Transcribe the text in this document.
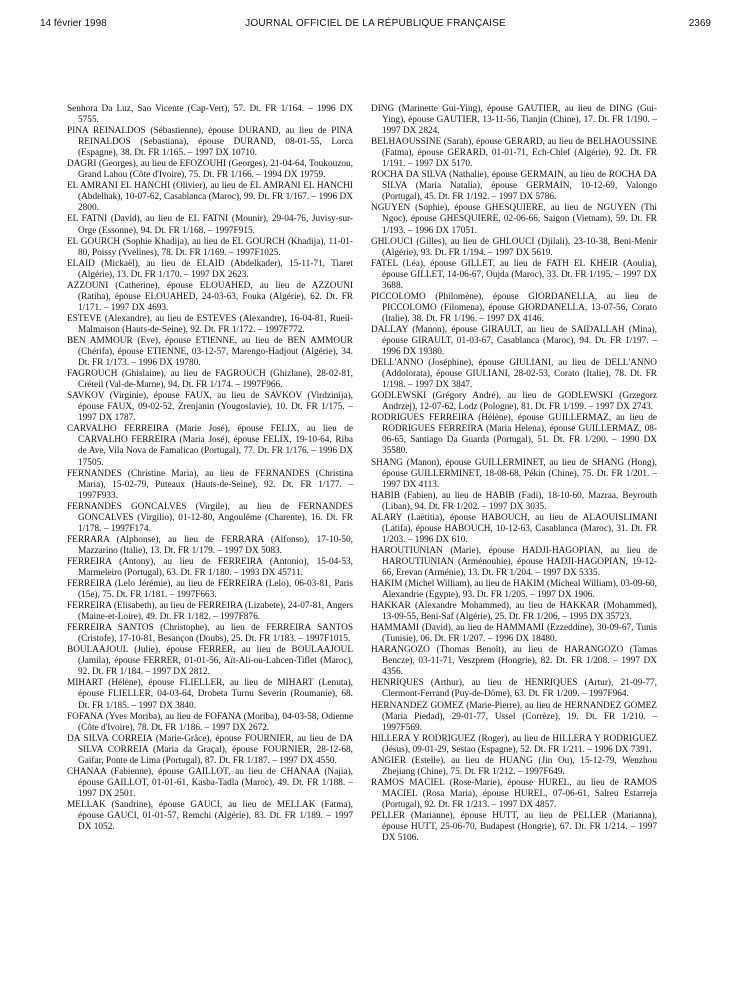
14 février 1998	JOURNAL OFFICIEL DE LA RÉPUBLIQUE FRANÇAISE	2369

Senhora Da Luz, Sao Vicente (Cap-Vert), 57. Dt. FR 1/164. – 1996 DX 5755.

PINA REINALDOS (Sébastienne), épouse DURAND, au lieu de PINA REINALDOS (Sebastiana), épouse DURAND, 08-01-55, Lorca (Espagne), 38. Dt. FR 1/165. – 1997 DX 10710.

DAGRI (Georges), au lieu de EFOZOUHI (Georges), 21-04-64, Toukouzou, Grand Lahou (Côte d'Ivoire), 75. Dt. FR 1/166. – 1994 DX 19759.

EL AMRANI EL HANCHI (Olivier), au lieu de EL AMRANI EL HANCHI (Abdelhak), 10-07-62, Casablanca (Maroc), 99. Dt. FR 1/167. – 1996 DX 2800.

EL FATNI (David), au lieu de EL FATNI (Mounir), 29-04-76, Juvisy-sur-Orge (Essonne), 94. Dt. FR 1/168. – 1997F915.

EL GOURCH (Sophie Khadija), au lieu de EL GOURCH (Khadija), 11-01-80, Poissy (Yvelines), 78. Dt. FR 1/169. – 1997F1025.

ELAID (Mickaël), au lieu de ELAID (Abdelkader), 15-11-71, Tiaret (Algérie), 13. Dt. FR 1/170. – 1997 DX 2623.

AZZOUNI (Catherine), épouse ELOUAHED, au lieu de AZZOUNI (Ratiha), épouse ELOUAHED, 24-03-63, Fouka (Algérie), 62. Dt. FR 1/171. – 1997 DX 4693.

ESTEVE (Alexandre), au lieu de ESTEVES (Alexandre), 16-04-81, Rueil-Malmaison (Hauts-de-Seine), 92. Dt. FR 1/172. – 1997F772.

BEN AMMOUR (Eve), épouse ETIENNE, au lieu de BEN AMMOUR (Chérifa), épouse ETIENNE, 03-12-57, Marengo-Hadjout (Algérie), 34. Dt. FR 1/173. – 1996 DX 19780.

FAGROUCH (Ghislaine), au lieu de FAGROUCH (Ghizlane), 28-02-81, Créteil (Val-de-Marne), 94. Dt. FR 1/174. – 1997F966.

SAVKOV (Virginie), épouse FAUX, au lieu de SAVKOV (Virdzinija), épouse FAUX, 09-02-52, Zrenjanin (Yougoslavie), 10. Dt. FR 1/175. – 1997 DX 1787.

CARVALHO FERREIRA (Marie José), épouse FELIX, au lieu de CARVALHO FERREIRA (Maria José), épouse FELIX, 19-10-64, Riba de Ave, Vila Nova de Famalicao (Portugal), 77. Dt. FR 1/176. – 1996 DX 17505.

FERNANDES (Christine Maria), au lieu de FERNANDES (Christina Maria), 15-02-79, Puteaux (Hauts-de-Seine), 92. Dt. FR 1/177. – 1997F933.

FERNANDES GONCALVES (Virgile), au lieu de FERNANDES GONCALVES (Virgilio), 01-12-80, Angoulême (Charente), 16. Dt. FR 1/178. – 1997F174.

FERRARA (Alphonse), au lieu de FERRARA (Alfonso), 17-10-50, Mazzarino (Italie), 13. Dt. FR 1/179. – 1997 DX 5083.

FERREIRA (Antony), au lieu de FERREIRA (Antonio), 15-04-53, Marmeleiro (Portugal), 63. Dt. FR 1/180. – 1993 DX 45711.

FERREIRA (Lelo Jérémie), au lieu de FERREIRA (Lelo), 06-03-81, Paris (15e), 75. Dt. FR 1/181. – 1997F663.

FERREIRA (Elisabeth), au lieu de FERREIRA (Lizabete), 24-07-81, Angers (Maine-et-Loire), 49. Dt. FR 1/182. – 1997F876.

FERREIRA SANTOS (Christophe), au lieu de FERREIRA SANTOS (Cristofe), 17-10-81, Besançon (Doubs), 25. Dt. FR 1/183. – 1997F1015.

BOULAAJOUL (Julie), épouse FERRER, au lieu de BOULAAJOUL (Jamila), épouse FERRER, 01-01-56, Aït-Ali-ou-Lahcen-Tiflet (Maroc), 92. Dt. FR 1/184. – 1997 DX 2812.

MIHART (Hélène), épouse FLIELLER, au lieu de MIHART (Lenuta), épouse FLIELLER, 04-03-64, Drobeta Turnu Severin (Roumanie), 68. Dt. FR 1/185. – 1997 DX 3840.

FOFANA (Yves Moriba), au lieu de FOFANA (Moriba), 04-03-58, Odienne (Côte d'Ivoire), 78. Dt. FR 1/186. – 1997 DX 2672.

DA SILVA CORREIA (Marie-Grâce), épouse FOURNIER, au lieu de DA SILVA CORREIA (Maria da Graçal), épouse FOURNIER, 28-12-68, Gaifar, Ponte de Lima (Portugal), 87. Dt. FR 1/187. – 1997 DX 4550.

CHANAA (Fabienne), épouse GAILLOT, au lieu de CHANAA (Najia), épouse GAILLOT, 01-01-61, Kasba-Tadla (Maroc), 49. Dt. FR 1/188. – 1997 DX 2501.

MELLAK (Sandrine), épouse GAUCI, au lieu de MELLAK (Fatma), épouse GAUCI, 01-01-57, Remchi (Algérie), 83. Dt. FR 1/189. – 1997 DX 1052.

DING (Marinette Gui-Ying), épouse GAUTIER, au lieu de DING (Gui-Ying), épouse GAUTIER, 13-11-56, Tianjin (Chine), 17. Dt. FR 1/190. – 1997 DX 2824.

BELHAOUSSINE (Sarah), épouse GERARD, au lieu de BELHAOUSSINE (Fatma), épouse GERARD, 01-01-71, Ech-Chlef (Algérie), 92. Dt. FR 1/191. – 1997 DX 5170.

ROCHA DA SILVA (Nathalie), épouse GERMAIN, au lieu de ROCHA DA SILVA (Maria Natalia), épouse GERMAIN, 10-12-69, Valongo (Portugal), 45. Dt. FR 1/192. – 1997 DX 5786.

NGUYEN (Sophie), épouse GHESQUIERE, au lieu de NGUYEN (Thi Ngoc), épouse GHESQUIERE, 02-06-66, Saigon (Vietnam), 59. Dt. FR 1/193. – 1996 DX 17051.

GHLOUCI (Gilles), au lieu de GHLOUCI (Djilali), 23-10-38, Beni-Menir (Algérie), 93. Dt. FR 1/194. – 1997 DX 5619.

FATEL (Léa), épouse GILLET, au lieu de FATH EL KHEIR (Aoulia), épouse GILLET, 14-06-67, Oujda (Maroc), 33. Dt. FR 1/195. – 1997 DX 3688.

PICCOLOMO (Philomène), épouse GIORDANELLA, au lieu de PICCOLOMO (Filomena), épouse GIORDANELLA, 13-07-56, Corato (Italie), 38. Dt. FR 1/196. – 1997 DX 4146.

DALLAY (Manon), épouse GIRAULT, au lieu de SAIDALLAH (Mina), épouse GIRAULT, 01-03-67, Casablanca (Maroc), 94. Dt. FR 1/197. – 1996 DX 19380.

DELL'ANNO (Joséphine), épouse GIULIANI, au lieu de DELL'ANNO (Addolorata), épouse GIULIANI, 28-02-53, Corato (Italie), 78. Dt. FR 1/198. – 1997 DX 3847.

GODLEWSKI (Grégory André), au lieu de GODLEWSKI (Grzegorz Andrzej), 12-07-62, Lodz (Pologne), 81. Dt. FR 1/199. – 1997 DX 2743.

RODRIGUES FERREIRA (Hélène), épouse GUILLERMAZ, au lieu de RODRIGUES FERREIRA (Maria Helena), épouse GUILLERMAZ, 08-06-65, Santiago Da Guarda (Portugal), 51. Dt. FR 1/200. – 1990 DX 35580.

SHANG (Manon), épouse GUILLERMINET, au lieu de SHANG (Hong), épouse GUILLERMINET, 18-08-68, Pékin (Chine), 75. Dt. FR 1/201. – 1997 DX 4113.

HABIB (Fabien), au lieu de HABIB (Fadi), 18-10-60, Mazraa, Beyrouth (Liban), 94. Dt. FR 1/202. – 1997 DX 3035.

ALARY (Laëtitia), épouse HABOUCH, au lieu de ALAOUISLIMANI (Latifa), épouse HABOUCH, 10-12-63, Casablanca (Maroc), 31. Dt. FR 1/203. – 1996 DX 610.

HAROUTIUNIAN (Marie), épouse HADJI-HAGOPIAN, au lieu de HAROUTIUNIAN (Arménouhie), épouse HADJI-HAGOPIAN, 19-12-66, Erevan (Arménie), 13. Dt. FR 1/204. – 1997 DX 5335.

HAKIM (Michel William), au lieu de HAKIM (Micheal William), 03-09-60, Alexandrie (Egypte), 93. Dt. FR 1/205. – 1997 DX 1906.

HAKKAR (Alexandre Mohammed), au lieu de HAKKAR (Mohammed), 13-09-55, Beni-Saf (Algérie), 25. Dt. FR 1/206. – 1995 DX 35723.

HAMMAMI (David), au lieu de HAMMAMI (Ezzeddine), 30-09-67, Tunis (Tunisie), 06. Dt. FR 1/207. – 1996 DX 18480.

HARANGOZO (Thomas Benoît), au lieu de HARANGOZO (Tamas Bencze), 03-11-71, Veszprem (Hongrie), 82. Dt. FR 1/208. – 1997 DX 4356.

HENRIQUES (Arthur), au lieu de HENRIQUES (Artur), 21-09-77, Clermont-Ferrand (Puy-de-Dôme), 63. Dt. FR 1/209. – 1997F964.

HERNANDEZ GOMEZ (Marie-Pierre), au lieu de HERNANDEZ GOMEZ (Maria Piedad), 29-01-77, Ussel (Corrèze), 19. Dt. FR 1/210. – 1997F569.

HILLERA Y RODRIGUEZ (Roger), au lieu de HILLERA Y RODRIGUEZ (Jésus), 09-01-29, Sestao (Espagne), 52. Dt. FR 1/211. – 1996 DX 7391.

ANGIER (Estelle), au lieu de HUANG (Jin Ou), 15-12-79, Wenzhou Zhejiang (Chine), 75. Dt. FR 1/212. – 1997F649.

RAMOS MACIEL (Rose-Marie), épouse HUREL, au lieu de RAMOS MACIEL (Rosa Maria), épouse HUREL, 07-06-61, Salreu Estarreja (Portugal), 92. Dt. FR 1/213. – 1997 DX 4857.

PELLER (Marianne), épouse HUTT, au lieu de PELLER (Marianna), épouse HUTT, 25-06-70, Budapest (Hongrie), 67. Dt. FR 1/214. – 1997 DX 5106.
